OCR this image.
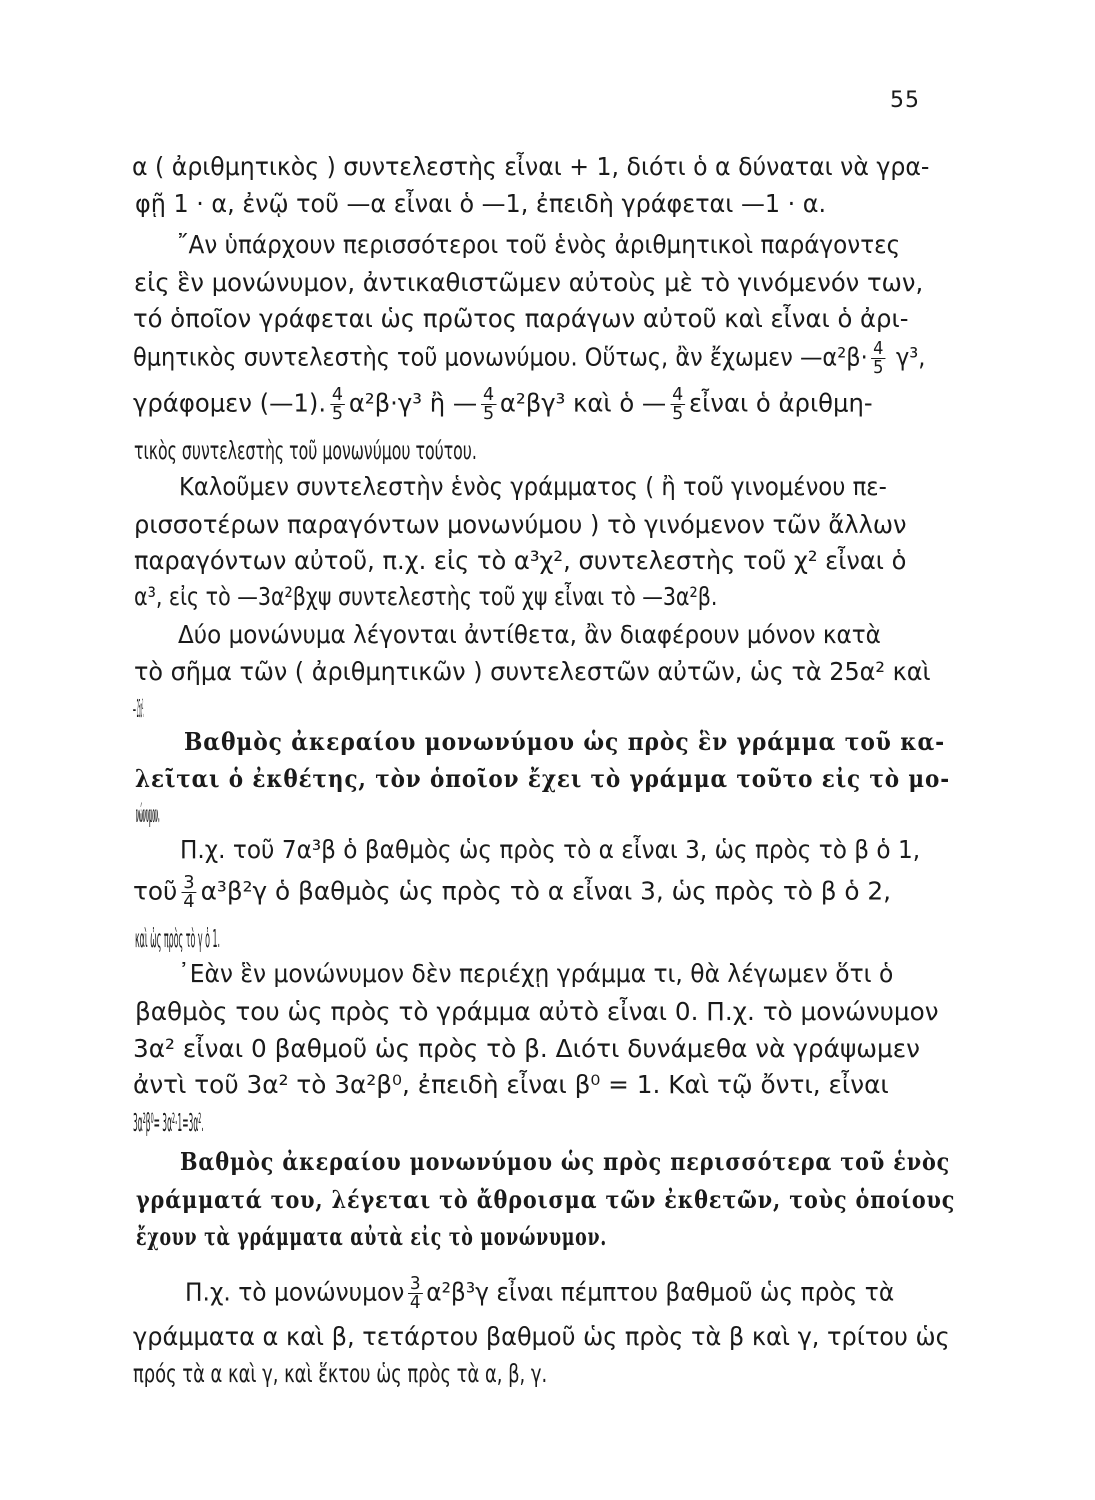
55
α ( ἀριθμητικὸς ) συντελεστὴς εἶναι + 1, διότι ὁ α δύναται νὰ γρα-
φῇ 1 · α, ἐνῷ τοῦ —α εἶναι ὁ —1, ἐπειδὴ γράφεται —1 · α.
῎Αν ὑπάρχουν περισσότεροι τοῦ ἑνὸς ἀριθμητικοὶ παράγοντες
εἰς ἓν μονώνυμον, ἀντικαθιστῶμεν αὐτοὺς μὲ τὸ γινόμενόν των,
τό ὁποῖον γράφεται ὡς πρῶτος παράγων αὐτοῦ καὶ εἶναι ὁ ἀρι-
θμητικὸς συντελεστὴς τοῦ μονωνύμου. Οὕτως, ἂν ἔχωμεν —α²β· $\frac{4}{5} \gamma^3$,
γράφομεν (—1). $\frac{4}{5} \alpha^2\beta\cdot\gamma^3$ ἢ — $\frac{4}{5} \alpha^2\beta\gamma^3$ καὶ ὁ — $\frac{4}{5}$ εἶναι ὁ ἀριθμη-
τικὸς συντελεστὴς τοῦ μονωνύμου τούτου.
Καλοῦμεν συντελεστὴν ἑνὸς γράμματος ( ἢ τοῦ γινομένου πε-
ρισσοτέρων παραγόντων μονωνύμου ) τὸ γινόμενον τῶν ἄλλων
παραγόντων αὐτοῦ, π.χ. εἰς τὸ α³χ², συντελεστὴς τοῦ χ² εἶναι ὁ
α³, εἰς τὸ —3α²βχψ συντελεστὴς τοῦ χψ εἶναι τὸ —3α²β.
Δύο μονώνυμα λέγονται ἀντίθετα, ἂν διαφέρουν μόνον κατὰ
τὸ σῆμα τῶν ( ἀριθμητικῶν ) συντελεστῶν αὐτῶν, ὡς τὰ 25α² καὶ
— 25α².
Βαθμὸς ἀκεραίου μονωνύμου ὡς πρὸς ἓν γράμμα τοῦ κα-
λεῖται ὁ ἐκθέτης, τὸν ὁποῖον ἔχει τὸ γράμμα τοῦτο εἰς τὸ μο-
νώνυμον.
Π.χ. τοῦ 7α³β ὁ βαθμὸς ὡς πρὸς τὸ α εἶναι 3, ὡς πρὸς τὸ β ὁ 1,
τοῦ $\frac{3}{4} \alpha^3\beta^2\gamma$ ὁ βαθμὸς ὡς πρὸς τὸ α εἶναι 3, ὡς πρὸς τὸ β ὁ 2,
καὶ ὡς πρὸς τὸ γ ὁ 1.
᾿Εὰν ἓν μονώνυμον δὲν περιέχῃ γράμμα τι, θὰ λέγωμεν ὅτι ὁ
βαθμὸς του ὡς πρὸς τὸ γράμμα αὐτὸ εἶναι 0. Π.χ. τὸ μονώνυμον
3α² εἶναι 0 βαθμοῦ ὡς πρὸς τὸ β. Διότι δυνάμεθα νὰ γράψωμεν
ἀντὶ τοῦ 3α² τὸ 3α²β⁰, ἐπειδὴ εἶναι β⁰ = 1. Καὶ τῷ ὄντι, εἶναι
3α²β⁰= 3α²·1=3α².
Βαθμὸς ἀκεραίου μονωνύμου ὡς πρὸς περισσότερα τοῦ ἑνὸς
γράμματά του, λέγεται τὸ ἄθροισμα τῶν ἐκθετῶν, τοὺς ὁποίους
ἔχουν τὰ γράμματα αὐτὰ εἰς τὸ μονώνυμον.
Π.χ. τὸ μονώνυμον $\frac{3}{4} \alpha^2\beta^3\gamma$ εἶναι πέμπτου βαθμοῦ ὡς πρὸς τὰ
γράμματα α καὶ β, τετάρτου βαθμοῦ ὡς πρὸς τὰ β καὶ γ, τρίτου ὡς
πρός τὰ α καὶ γ, καὶ ἕκτου ὡς πρὸς τὰ α, β, γ.
